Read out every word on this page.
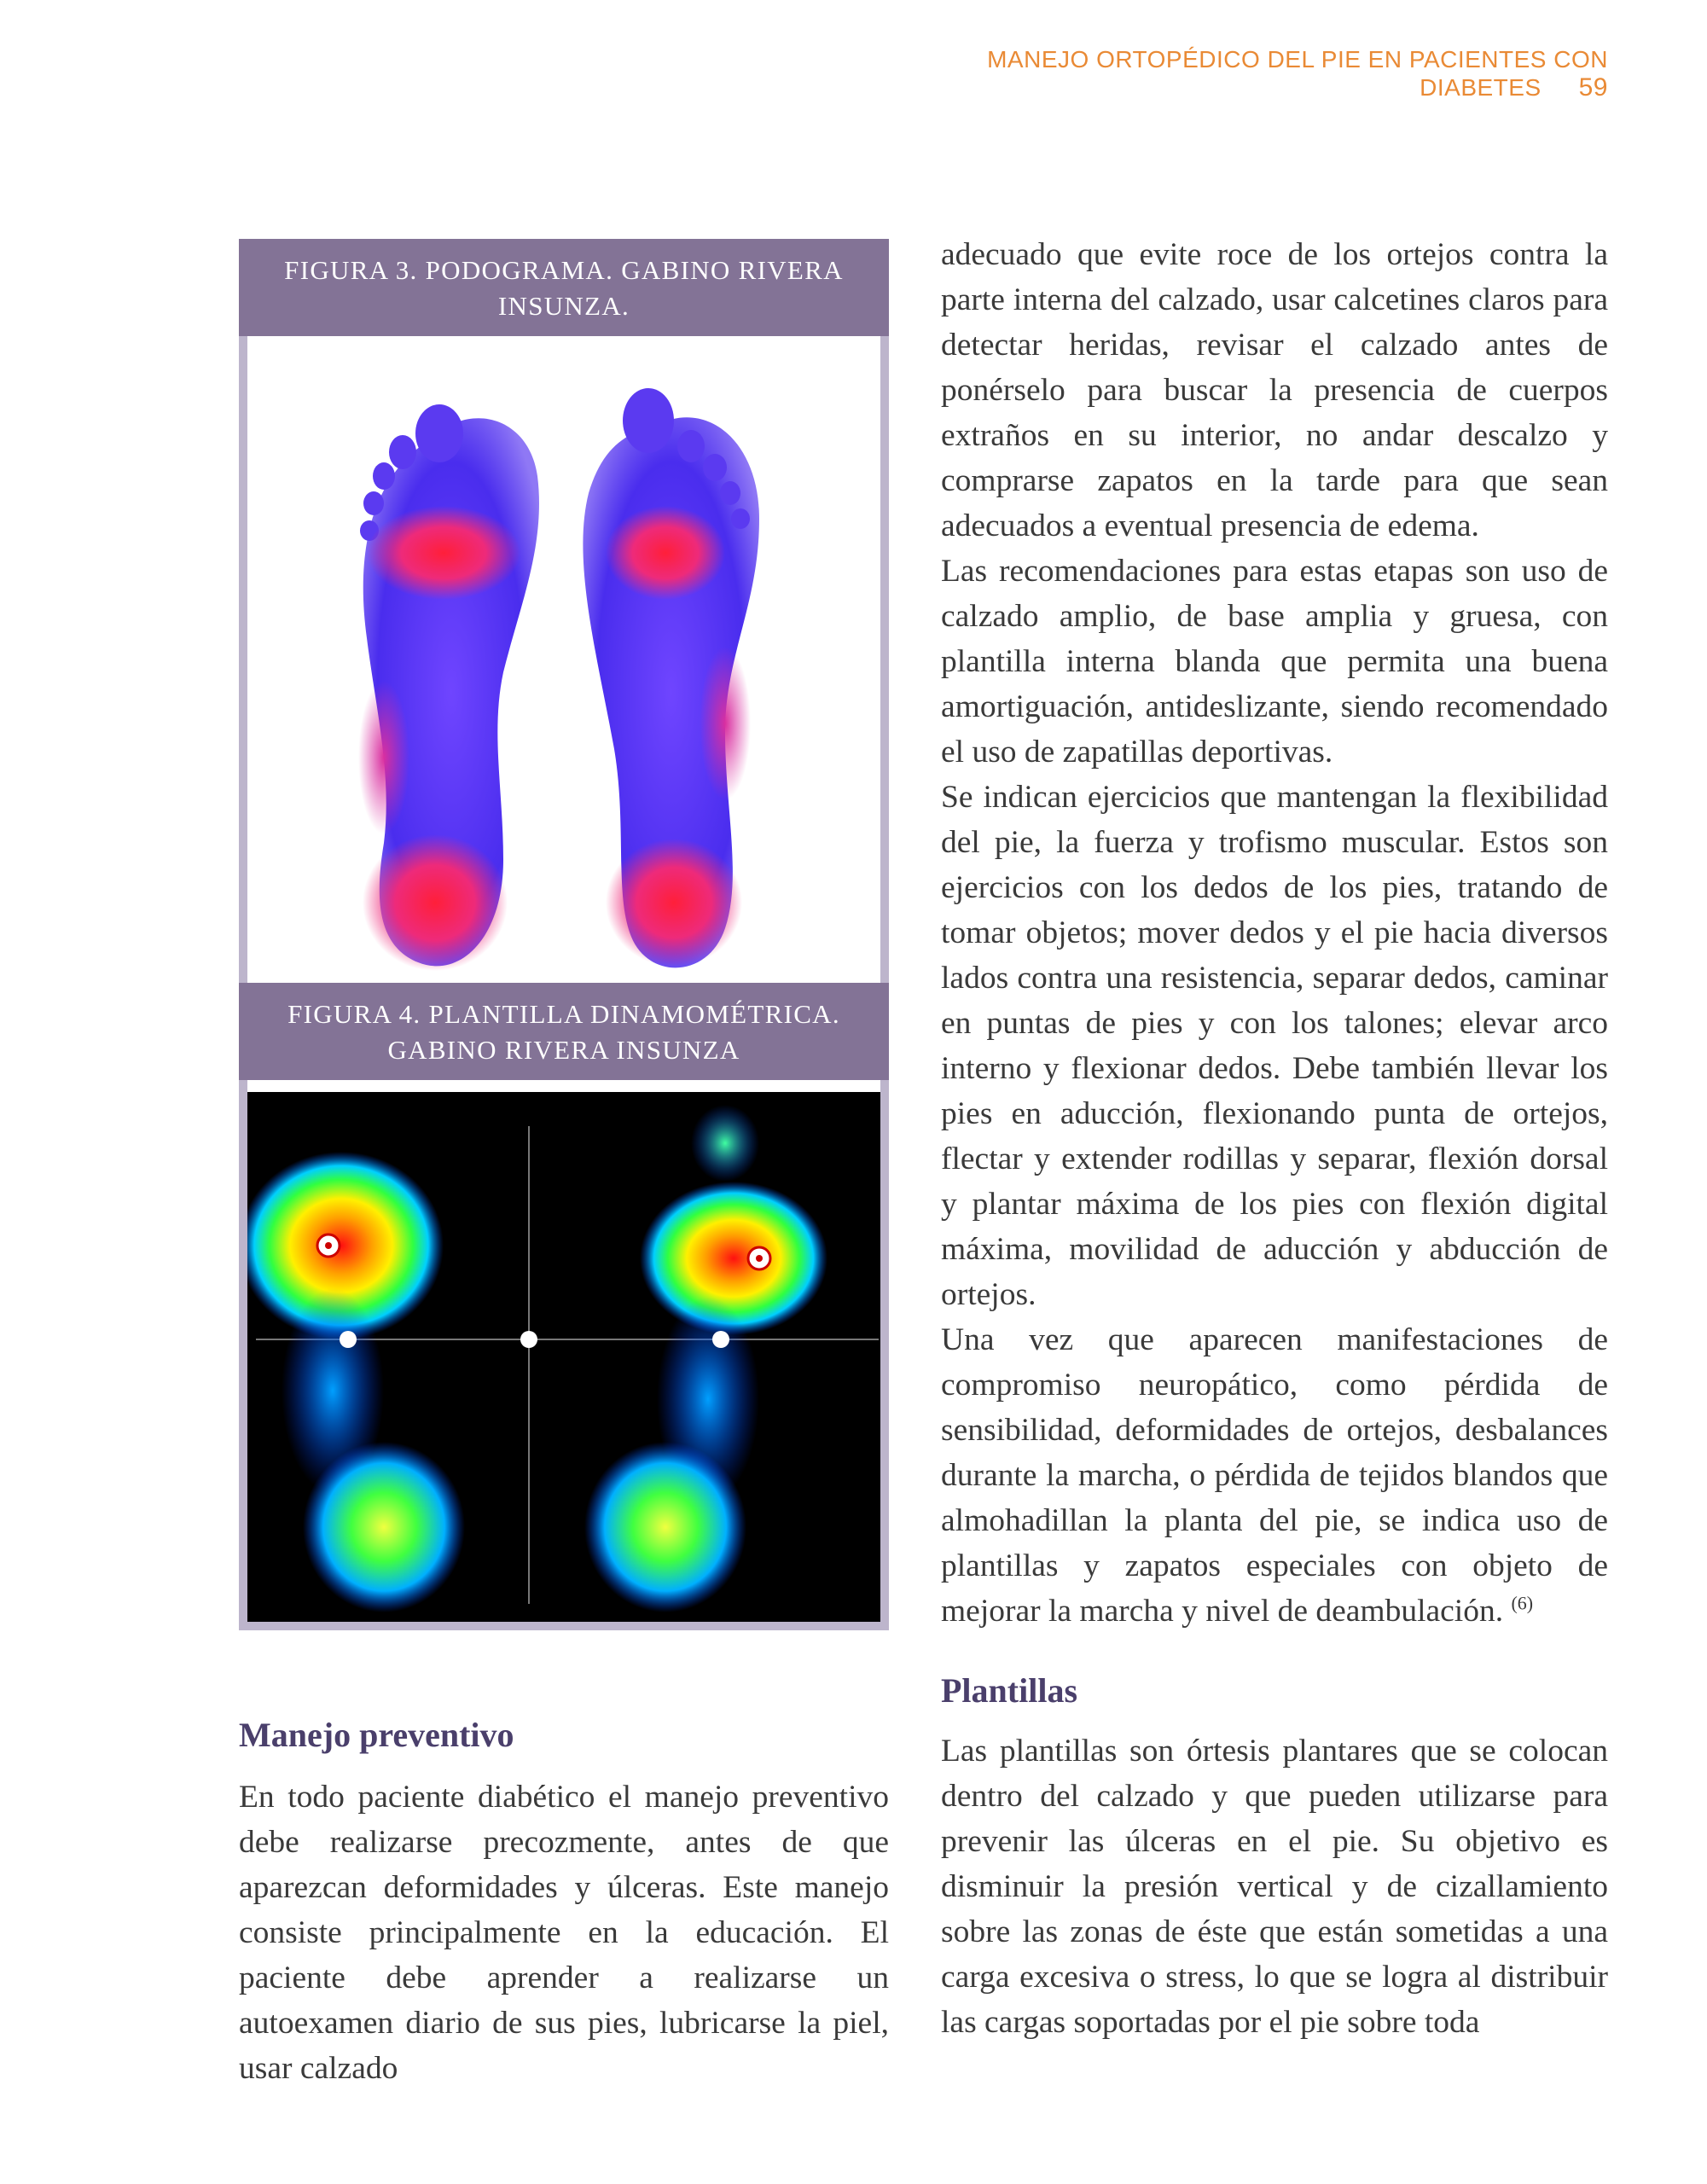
MANEJO ORTOPÉDICO DEL PIE EN PACIENTES CON DIABETES 59
FIGURA 3. PODOGRAMA. GABINO RIVERA
INSUNZA.
FIGURA 4. PLANTILLA DINAMOMÉTRICA.
GABINO RIVERA INSUNZA
Manejo preventivo

En todo paciente diabético el manejo preventivo debe realizarse precozmente, antes de que aparezcan deformidades y úlceras. Este manejo consiste principalmente en la educación. El paciente debe aprender a realizarse un autoexamen diario de sus pies, lubricarse la piel, usar calzado

adecuado que evite roce de los ortejos contra la parte interna del calzado, usar calcetines claros para detectar heridas, revisar el calzado antes de ponérselo para buscar la presencia de cuerpos extraños en su interior, no andar descalzo y comprarse zapatos en la tarde para que sean adecuados a eventual presencia de edema.

Las recomendaciones para estas etapas son uso de calzado amplio, de base amplia y gruesa, con plantilla interna blanda que permita una buena amortiguación, antideslizante, siendo recomendado el uso de zapatillas deportivas.

Se indican ejercicios que mantengan la flexibilidad del pie, la fuerza y trofismo muscular. Estos son ejercicios con los dedos de los pies, tratando de tomar objetos; mover dedos y el pie hacia diversos lados contra una resistencia, separar dedos, caminar en puntas de pies y con los talones; elevar arco interno y flexionar dedos. Debe también llevar los pies en aducción, flexionando punta de ortejos, flectar y extender rodillas y separar, flexión dorsal y plantar máxima de los pies con flexión digital máxima, movilidad de aducción y abducción de ortejos.

Una vez que aparecen manifestaciones de compromiso neuropático, como pérdida de sensibilidad, deformidades de ortejos, desbalances durante la marcha, o pérdida de tejidos blandos que almohadillan la planta del pie, se indica uso de plantillas y zapatos especiales con objeto de mejorar la marcha y nivel de deambulación. $^{(6)}$

Plantillas

Las plantillas son órtesis plantares que se colocan dentro del calzado y que pueden utilizarse para prevenir las úlceras en el pie. Su objetivo es disminuir la presión vertical y de cizallamiento sobre las zonas de éste que están sometidas a una carga excesiva o stress, lo que se logra al distribuir las cargas soportadas por el pie sobre toda
